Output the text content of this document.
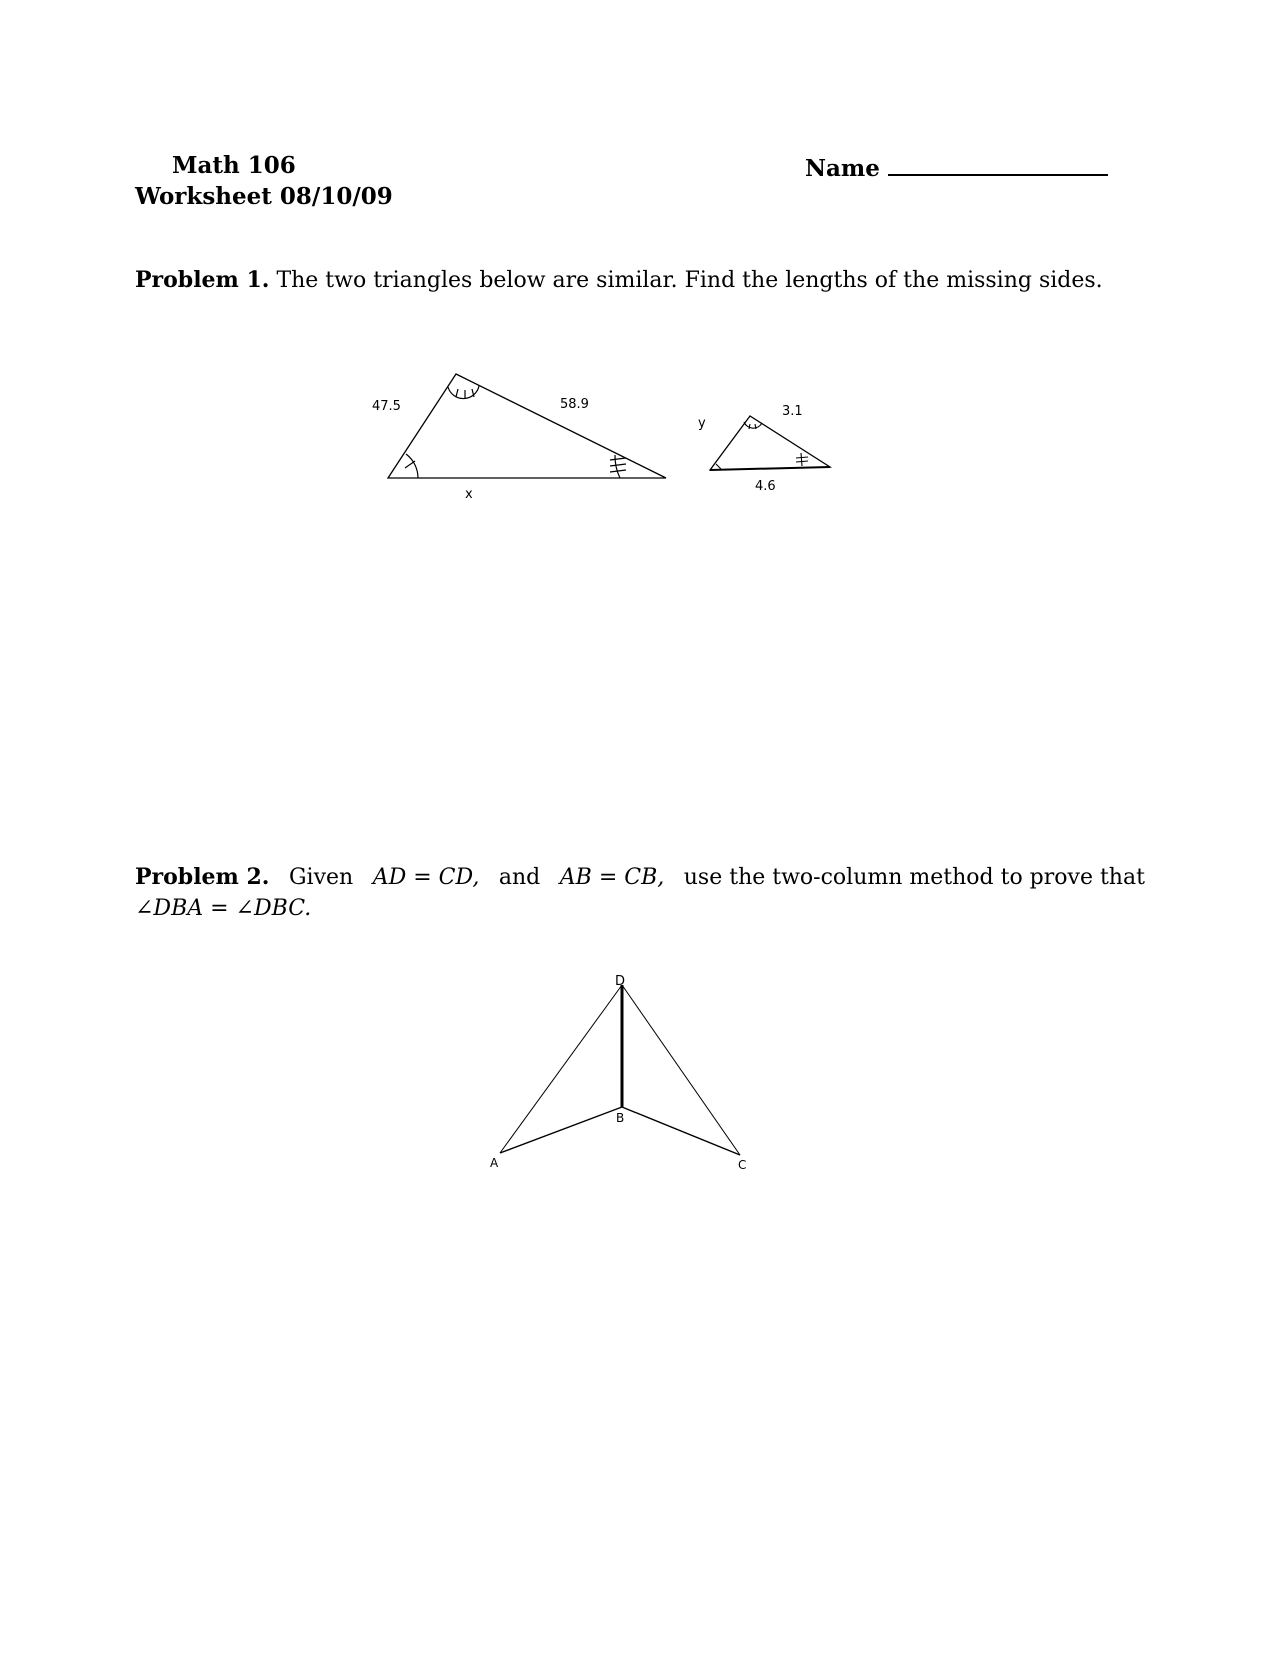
Math 106
Worksheet 08/10/09
Name
Problem 1. The two triangles below are similar. Find the lengths of the missing sides.
47.5	58.9
x
y
3.1
4.6
Problem 2. Given AD = CD, and AB = CB, use the two-column method to prove that
∠DBA = ∠DBC.
D
B
A	C
